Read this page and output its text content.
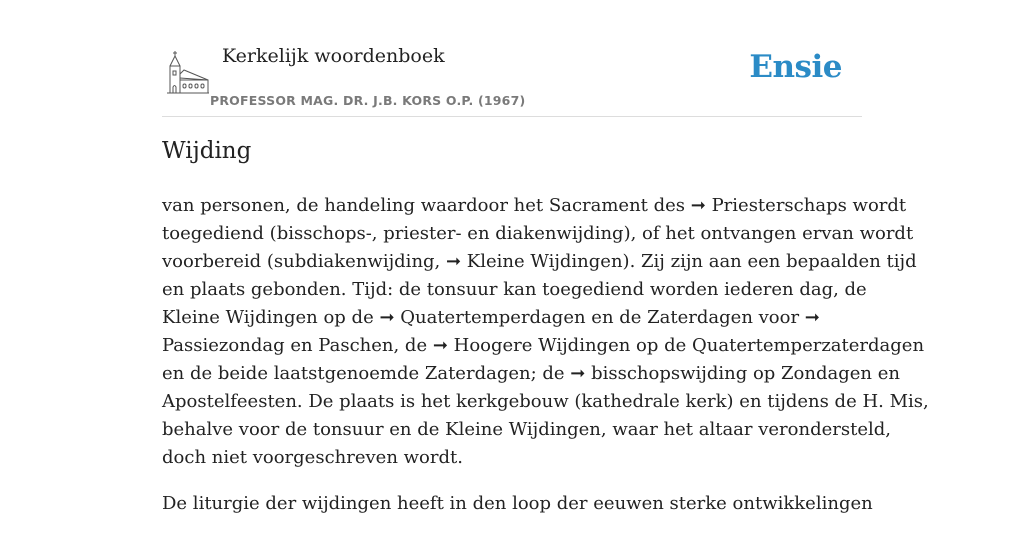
Kerkelijk woordenboek
PROFESSOR MAG. DR. J.B. KORS O.P. (1967)
Ensie
Wijding

van personen, de handeling waardoor het Sacrament des ➞ Priesterschaps wordt
toegediend (bisschops-, priester- en diakenwijding), of het ontvangen ervan wordt
voorbereid (subdiakenwijding, ➞ Kleine Wijdingen). Zij zijn aan een bepaalden tijd
en plaats gebonden. Tijd: de tonsuur kan toegediend worden iederen dag, de
Kleine Wijdingen op de ➞ Quatertemperdagen en de Zaterdagen voor ➞
Passiezondag en Paschen, de ➞ Hoogere Wijdingen op de Quatertemperzaterdagen
en de beide laatstgenoemde Zaterdagen; de ➞ bisschopswijding op Zondagen en
Apostelfeesten. De plaats is het kerkgebouw (kathedrale kerk) en tijdens de H. Mis,
behalve voor de tonsuur en de Kleine Wijdingen, waar het altaar verondersteld,
doch niet voorgeschreven wordt.

De liturgie der wijdingen heeft in den loop der eeuwen sterke ontwikkelingen
